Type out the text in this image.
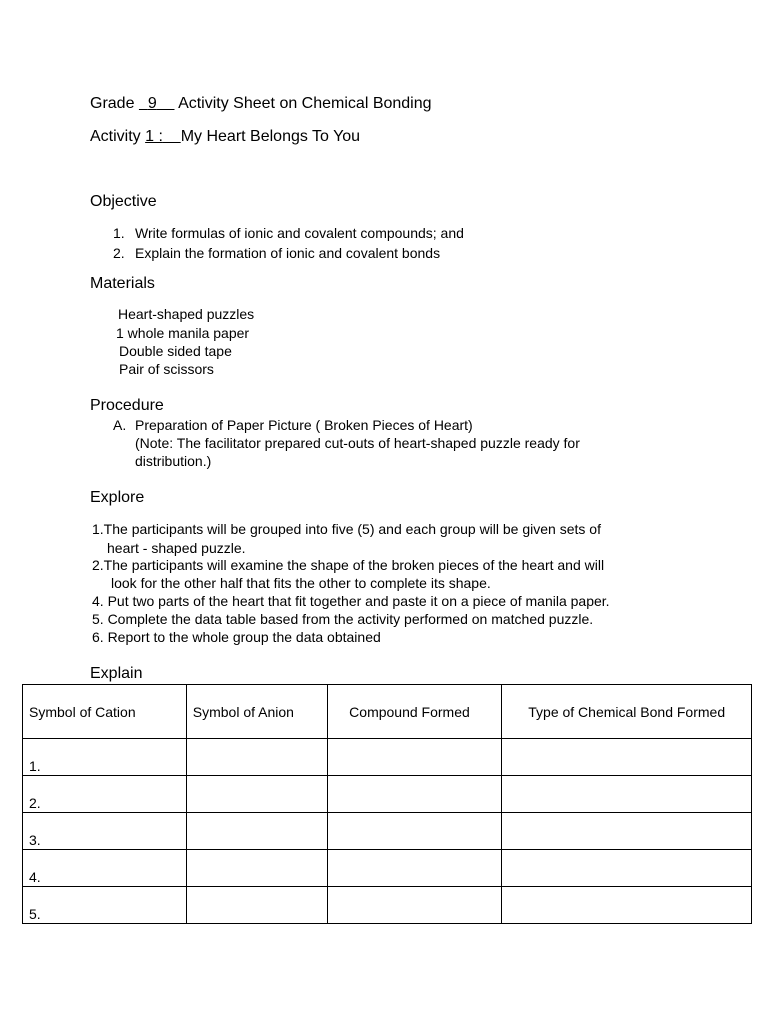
Grade 9 Activity Sheet on Chemical Bonding
Activity 1 : My Heart Belongs To You
Objective
1. Write formulas of ionic and covalent compounds; and
2. Explain the formation of ionic and covalent bonds
Materials
Heart-shaped puzzles
1 whole manila paper
Double sided tape
Pair of scissors
Procedure
A. Preparation of Paper Picture ( Broken Pieces of Heart)
(Note: The facilitator prepared cut-outs of heart-shaped puzzle ready for
distribution.)
Explore
1.The participants will be grouped into five (5) and each group will be given sets of
heart - shaped puzzle.
2.The participants will examine the shape of the broken pieces of the heart and will
look for the other half that fits the other to complete its shape.
4. Put two parts of the heart that fit together and paste it on a piece of manila paper.
5. Complete the data table based from the activity performed on matched puzzle.
6. Report to the whole group the data obtained
Explain
Symbol of Cation	Symbol of Anion	Compound Formed	Type of Chemical Bond Formed
1.			
2.			
3.			
4.			
5.			
